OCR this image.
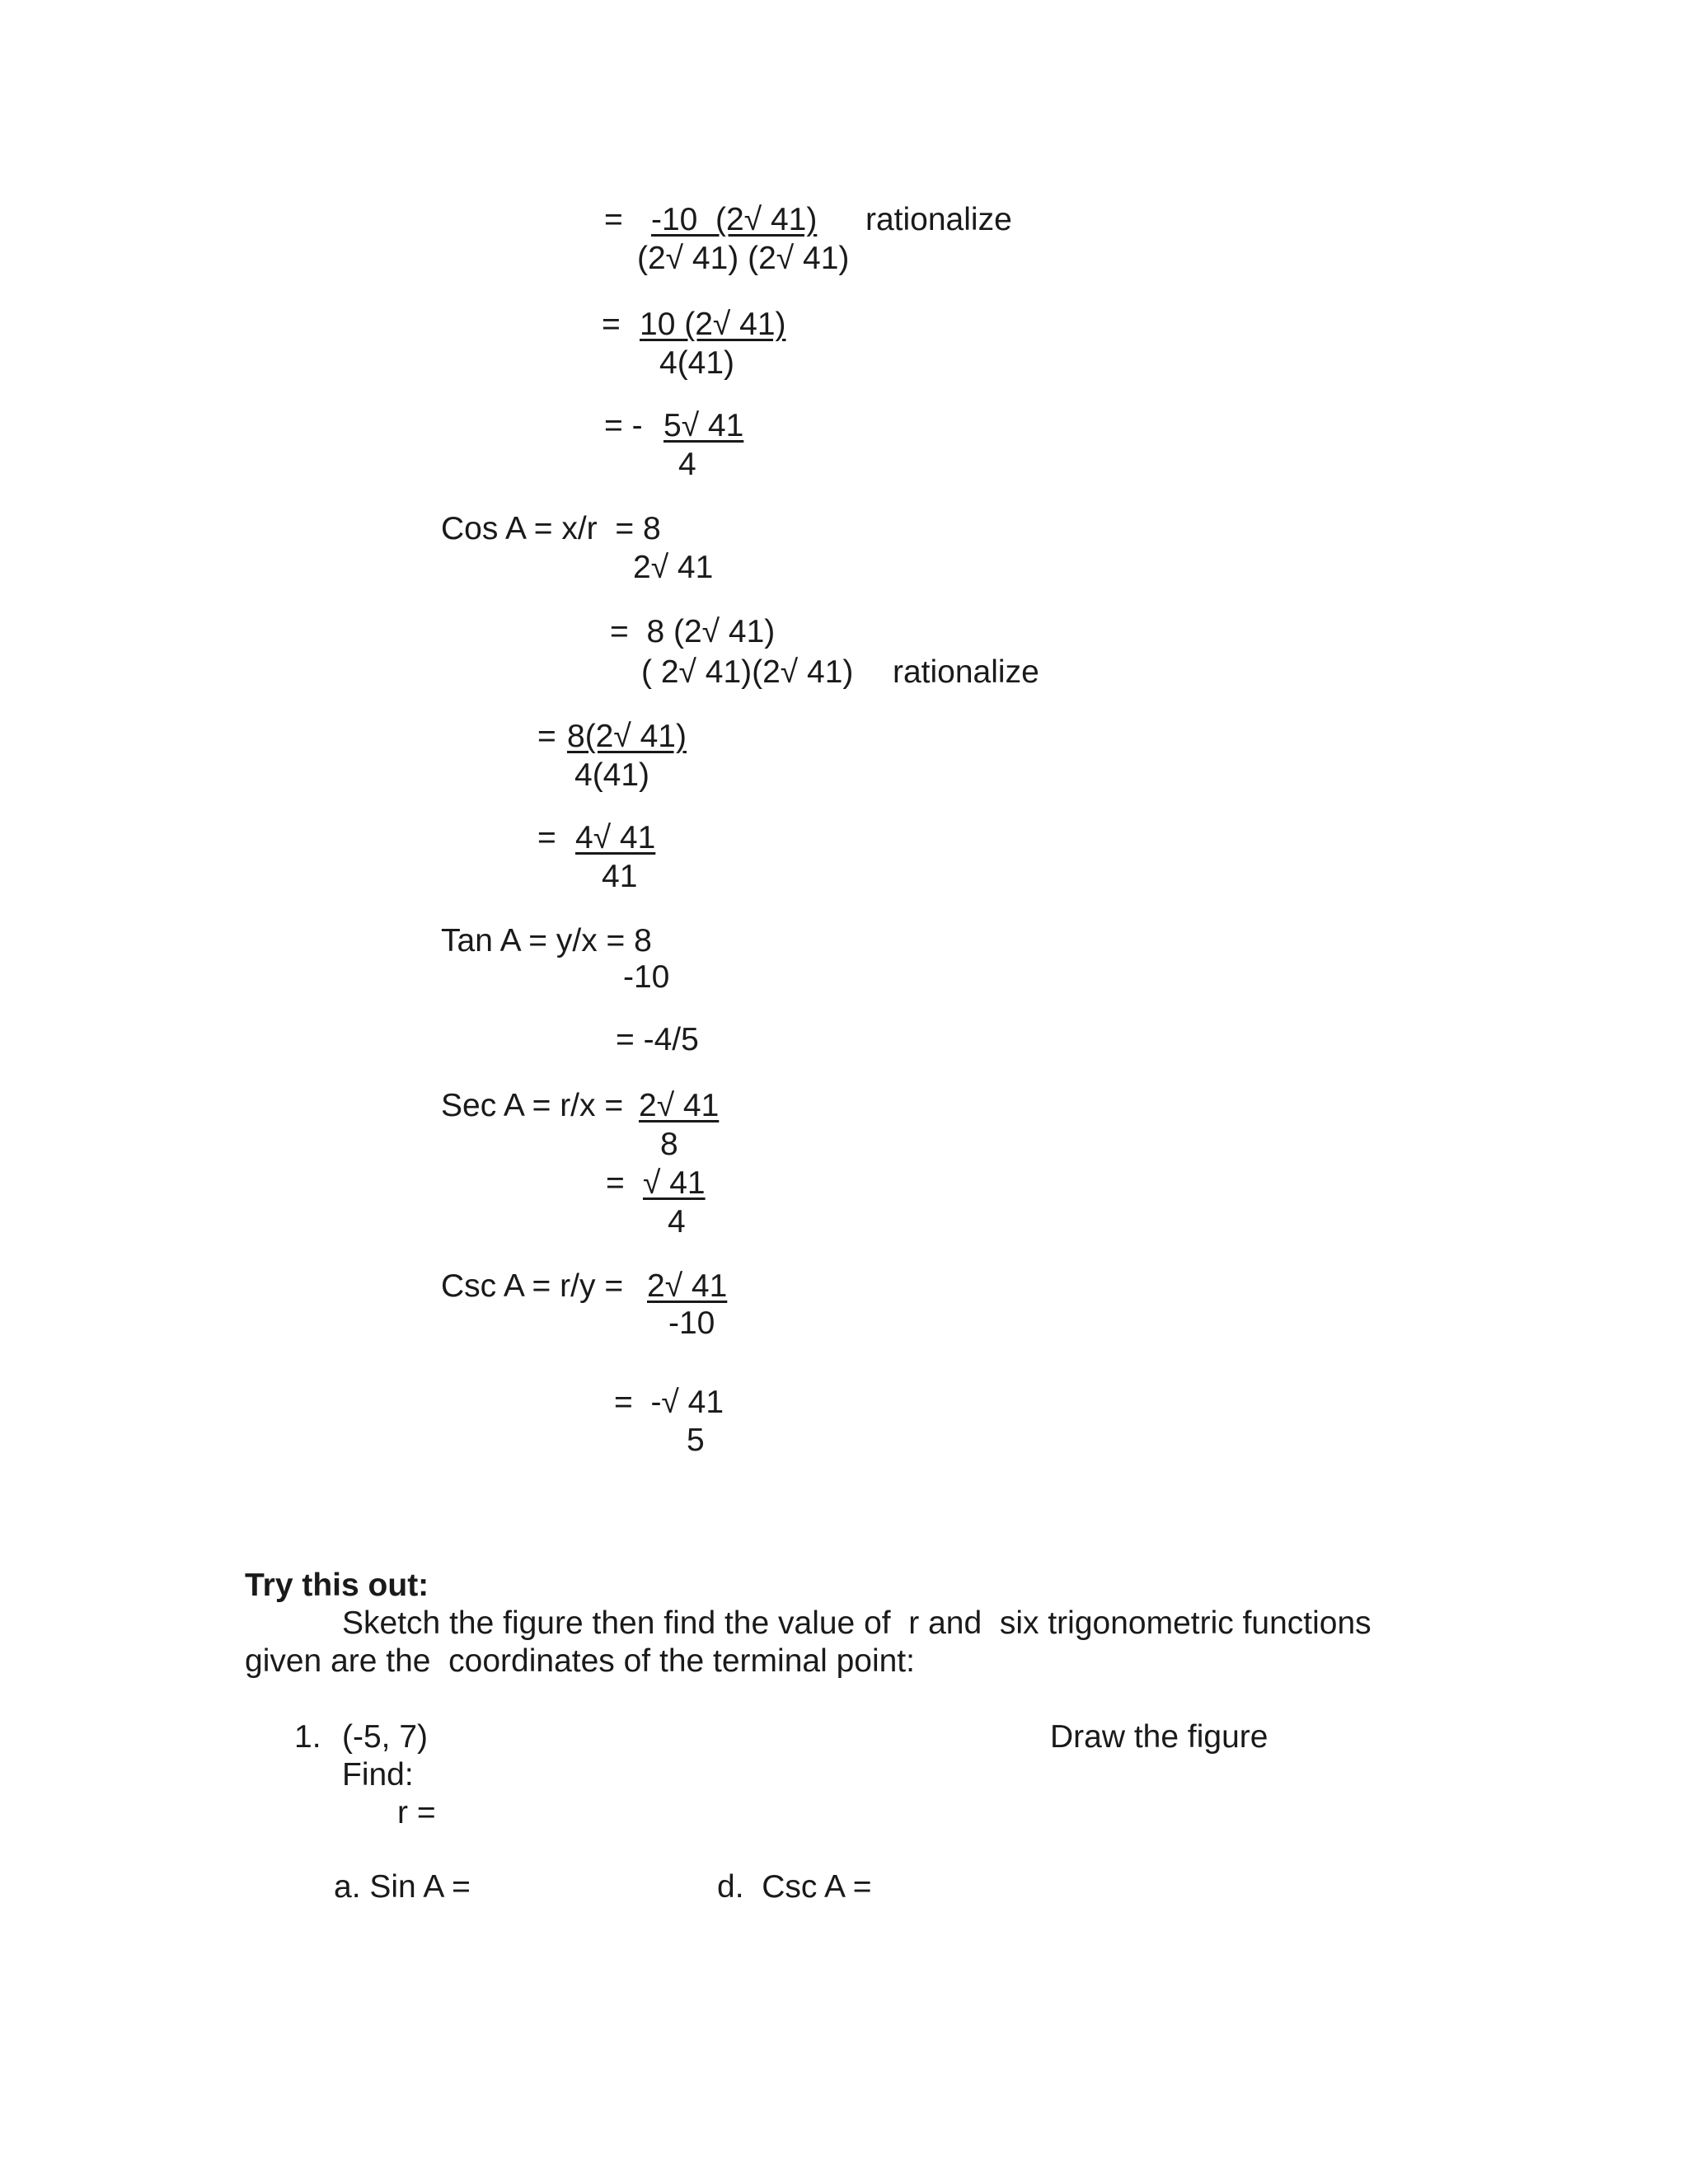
= -10  (2√ 41) rationalize
(2√ 41) (2√ 41)
= 10 (2√ 41)
4(41)
= - 5√ 41
4
Cos A = x/r  = 8
2√ 41
=  8 (2√ 41)
( 2√ 41)(2√ 41) rationalize
= 8(2√ 41)
4(41)
= 4√ 41
41
Tan A = y/x = 8
-10
= -4/5
Sec A = r/x = 2√ 41
8
= √ 41
4
Csc A = r/y = 2√ 41
-10
=  -√ 41
5
Try this out:
Sketch the figure then find the value of  r and  six trigonometric functions
given are the  coordinates of the terminal point:
1. (-5, 7)	Draw the figure
Find:
r =
a. Sin A =	d.  Csc A =
